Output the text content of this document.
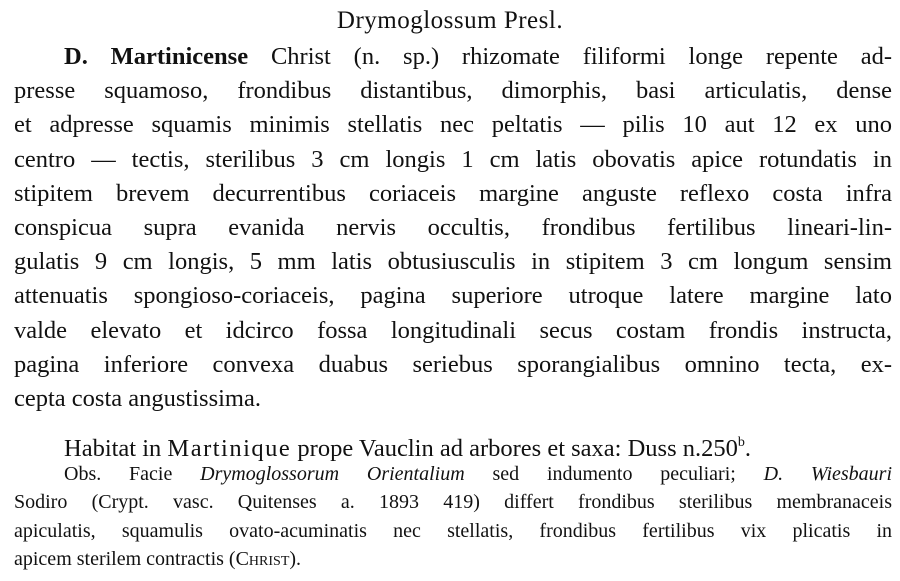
Drymoglossum Presl.
D. Martinicense Christ (n. sp.) rhizomate filiformi longe repente ad-
presse squamoso, frondibus distantibus, dimorphis, basi articulatis, dense
et adpresse squamis minimis stellatis nec peltatis — pilis 10 aut 12 ex uno
centro — tectis, sterilibus 3 cm longis 1 cm latis obovatis apice rotundatis in
stipitem brevem decurrentibus coriaceis margine anguste reflexo costa infra
conspicua supra evanida nervis occultis, frondibus fertilibus lineari-lin-
gulatis 9 cm longis, 5 mm latis obtusiusculis in stipitem 3 cm longum sensim
attenuatis spongioso-coriaceis, pagina superiore utroque latere margine lato
valde elevato et idcirco fossa longitudinali secus costam frondis instructa,
pagina inferiore convexa duabus seriebus sporangialibus omnino tecta, ex-
cepta costa angustissima.
Habitat in Martinique prope Vauclin ad arbores et saxa: Duss n.250$^b$.
Obs. Facie Drymoglossorum Orientalium sed indumento peculiari; D. Wiesbauri
Sodiro (Crypt. vasc. Quitenses a. 1893 419) differt frondibus sterilibus membranaceis
apiculatis, squamulis ovato-acuminatis nec stellatis, frondibus fertilibus vix plicatis in
apicem sterilem contractis (Christ).
